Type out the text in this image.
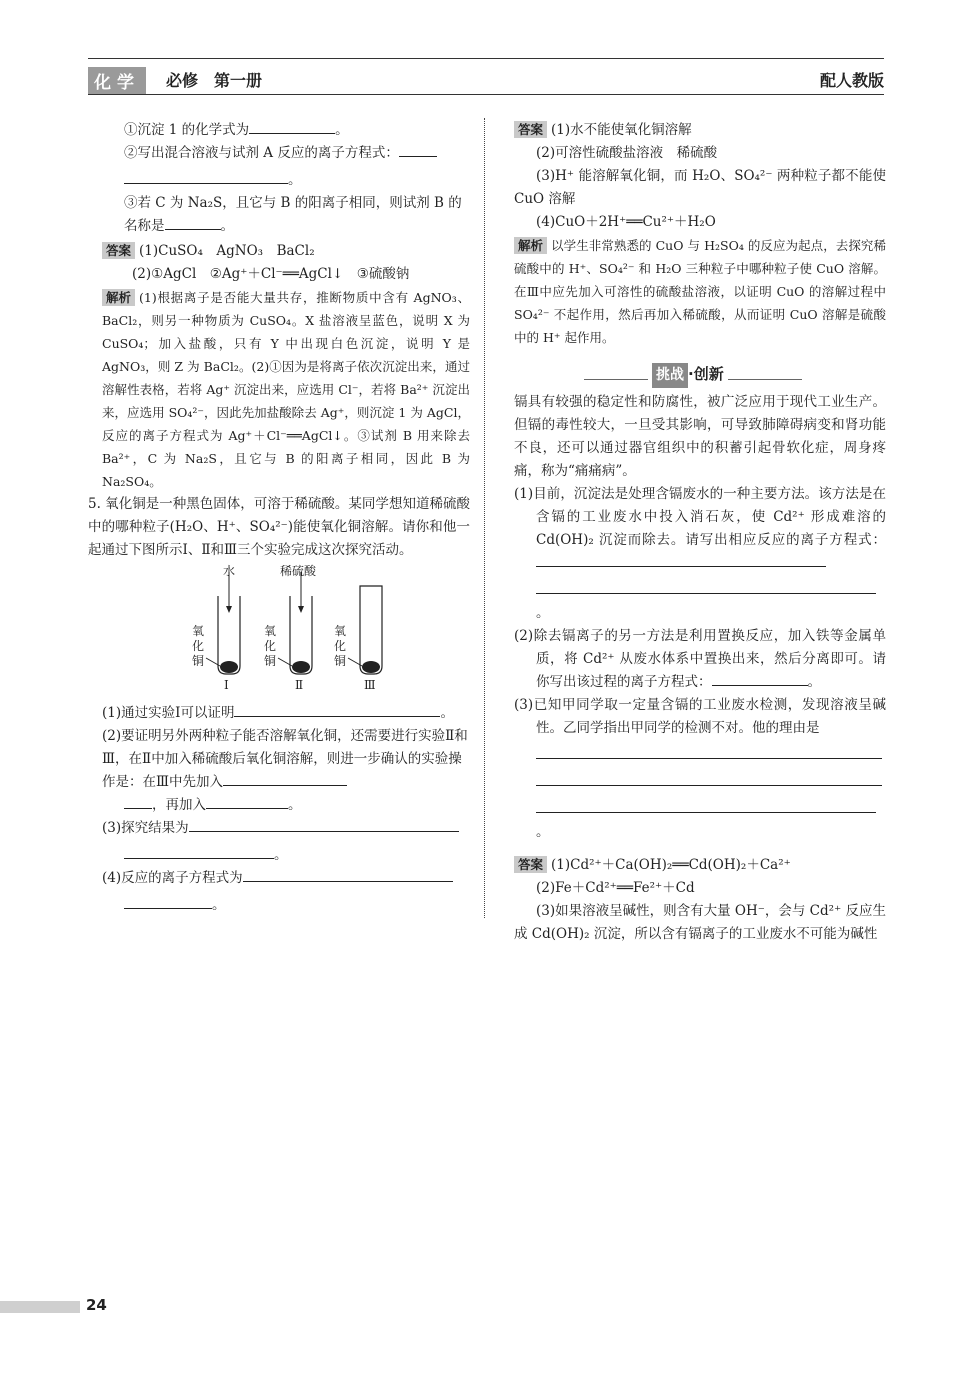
化学	必修　第一册	配人教版

①沉淀 1 的化学式为	。

②写出混合溶液与试剂 A 反应的离子方程式：

。

③若 C 为 Na₂S，且它与 B 的阳离子相同，则试剂 B 的名称是	。

答案 (1)CuSO₄　AgNO₃　BaCl₂

(2)①AgCl　②Ag⁺＋Cl⁻══AgCl↓　③硫酸钠

解析 (1)根据离子是否能大量共存，推断物质中含有 AgNO₃、BaCl₂，则另一种物质为 CuSO₄。X 盐溶液呈蓝色，说明 X 为 CuSO₄；加入盐酸，只有 Y 中出现白色沉淀，说明 Y 是 AgNO₃，则 Z 为 BaCl₂。(2)①因为是将离子依次沉淀出来，通过溶解性表格，若将 Ag⁺ 沉淀出来，应选用 Cl⁻，若将 Ba²⁺ 沉淀出来，应选用 SO₄²⁻，因此先加盐酸除去 Ag⁺，则沉淀 1 为 AgCl，反应的离子方程式为 Ag⁺＋Cl⁻══AgCl↓。③试剂 B 用来除去 Ba²⁺，C 为 Na₂S，且它与 B 的阳离子相同，因此 B 为 Na₂SO₄。

5. 氧化铜是一种黑色固体，可溶于稀硫酸。某同学想知道稀硫酸中的哪种粒子(H₂O、H⁺、SO₄²⁻)能使氧化铜溶解。请你和他一起通过下图所示Ⅰ、Ⅱ和Ⅲ三个实验完成这次探究活动。

水	稀硫酸
氧化铜
氧化铜
氧化铜
Ⅰ	Ⅱ	Ⅲ

(1)通过实验Ⅰ可以证明	。

(2)要证明另外两种粒子能否溶解氧化铜，还需要进行实验Ⅱ和Ⅲ，在Ⅱ中加入稀硫酸后氧化铜溶解，则进一步确认的实验操作是：在Ⅲ中先加入

，再加入	。

(3)探究结果为

。

(4)反应的离子方程式为

。

答案 (1)水不能使氧化铜溶解

(2)可溶性硫酸盐溶液　稀硫酸

(3)H⁺ 能溶解氧化铜，而 H₂O、SO₄²⁻ 两种粒子都不能使 CuO 溶解

(4)CuO＋2H⁺══Cu²⁺＋H₂O

解析 以学生非常熟悉的 CuO 与 H₂SO₄ 的反应为起点，去探究稀硫酸中的 H⁺、SO₄²⁻ 和 H₂O 三种粒子中哪种粒子使 CuO 溶解。在Ⅲ中应先加入可溶性的硫酸盐溶液，以证明 CuO 的溶解过程中 SO₄²⁻ 不起作用，然后再加入稀硫酸，从而证明 CuO 溶解是硫酸中的 H⁺ 起作用。

挑战 ·创新

镉具有较强的稳定性和防腐性，被广泛应用于现代工业生产。但镉的毒性较大，一旦受其影响，可导致肺障碍病变和肾功能不良，还可以通过器官组织中的积蓄引起骨软化症，周身疼痛，称为“痛痛病”。

(1)目前，沉淀法是处理含镉废水的一种主要方法。该方法是在含镉的工业废水中投入消石灰，使 Cd²⁺ 形成难溶的 Cd(OH)₂ 沉淀而除去。请写出相应反应的离子方程式：

。

(2)除去镉离子的另一方法是利用置换反应，加入铁等金属单质，将 Cd²⁺ 从废水体系中置换出来，然后分离即可。请你写出该过程的离子方程式：	。

(3)已知甲同学取一定量含镉的工业废水检测，发现溶液呈碱性。乙同学指出甲同学的检测不对。他的理由是

。

答案 (1)Cd²⁺＋Ca(OH)₂══Cd(OH)₂＋Ca²⁺

(2)Fe＋Cd²⁺══Fe²⁺＋Cd

(3)如果溶液呈碱性，则含有大量 OH⁻，会与 Cd²⁺ 反应生成 Cd(OH)₂ 沉淀，所以含有镉离子的工业废水不可能为碱性

24
